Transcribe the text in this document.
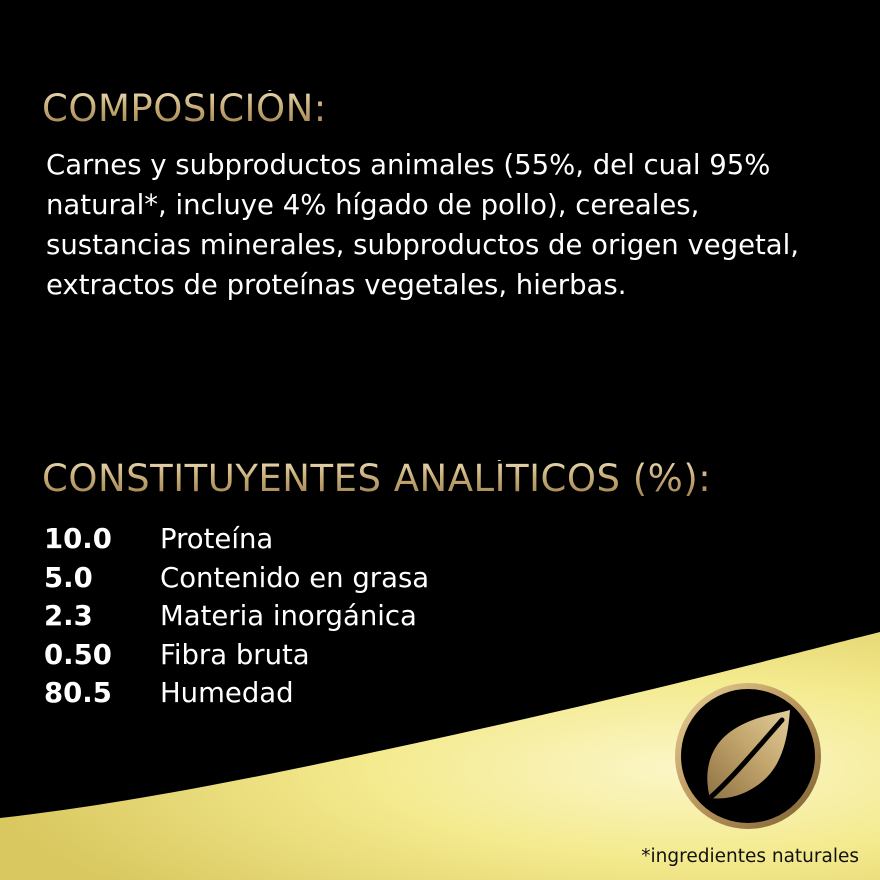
COMPOSICIÓN:

Carnes y subproductos animales (55%, del cual 95% natural*, incluye 4% hígado de pollo), cereales, sustancias minerales, subproductos de origen vegetal, extractos de proteínas vegetales, hierbas.

CONSTITUYENTES ANALÍTICOS (%):
10.0	Proteína
5.0	Contenido en grasa
2.3	Materia inorgánica
0.50	Fibra bruta
80.5	Humedad

*ingredientes naturales
